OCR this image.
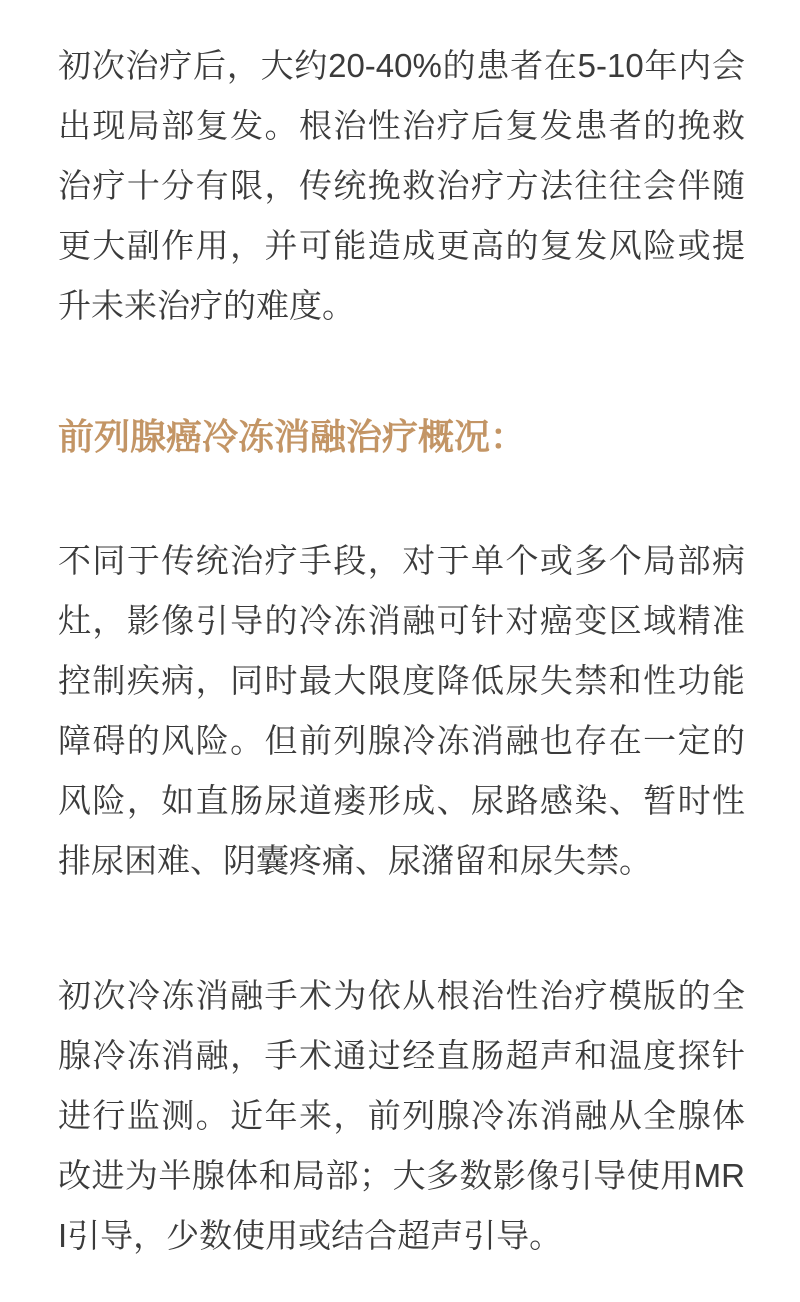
初次治疗后，大约20-40%的患者在5-10年内会出现局部复发。根治性治疗后复发患者的挽救治疗十分有限，传统挽救治疗方法往往会伴随更大副作用，并可能造成更高的复发风险或提升未来治疗的难度。

前列腺癌冷冻消融治疗概况：

不同于传统治疗手段，对于单个或多个局部病灶，影像引导的冷冻消融可针对癌变区域精准控制疾病，同时最大限度降低尿失禁和性功能障碍的风险。但前列腺冷冻消融也存在一定的风险，如直肠尿道瘘形成、尿路感染、暂时性排尿困难、阴囊疼痛、尿潴留和尿失禁。

初次冷冻消融手术为依从根治性治疗模版的全腺冷冻消融，手术通过经直肠超声和温度探针进行监测。近年来，前列腺冷冻消融从全腺体改进为半腺体和局部；大多数影像引导使用MRI引导，少数使用或结合超声引导。
